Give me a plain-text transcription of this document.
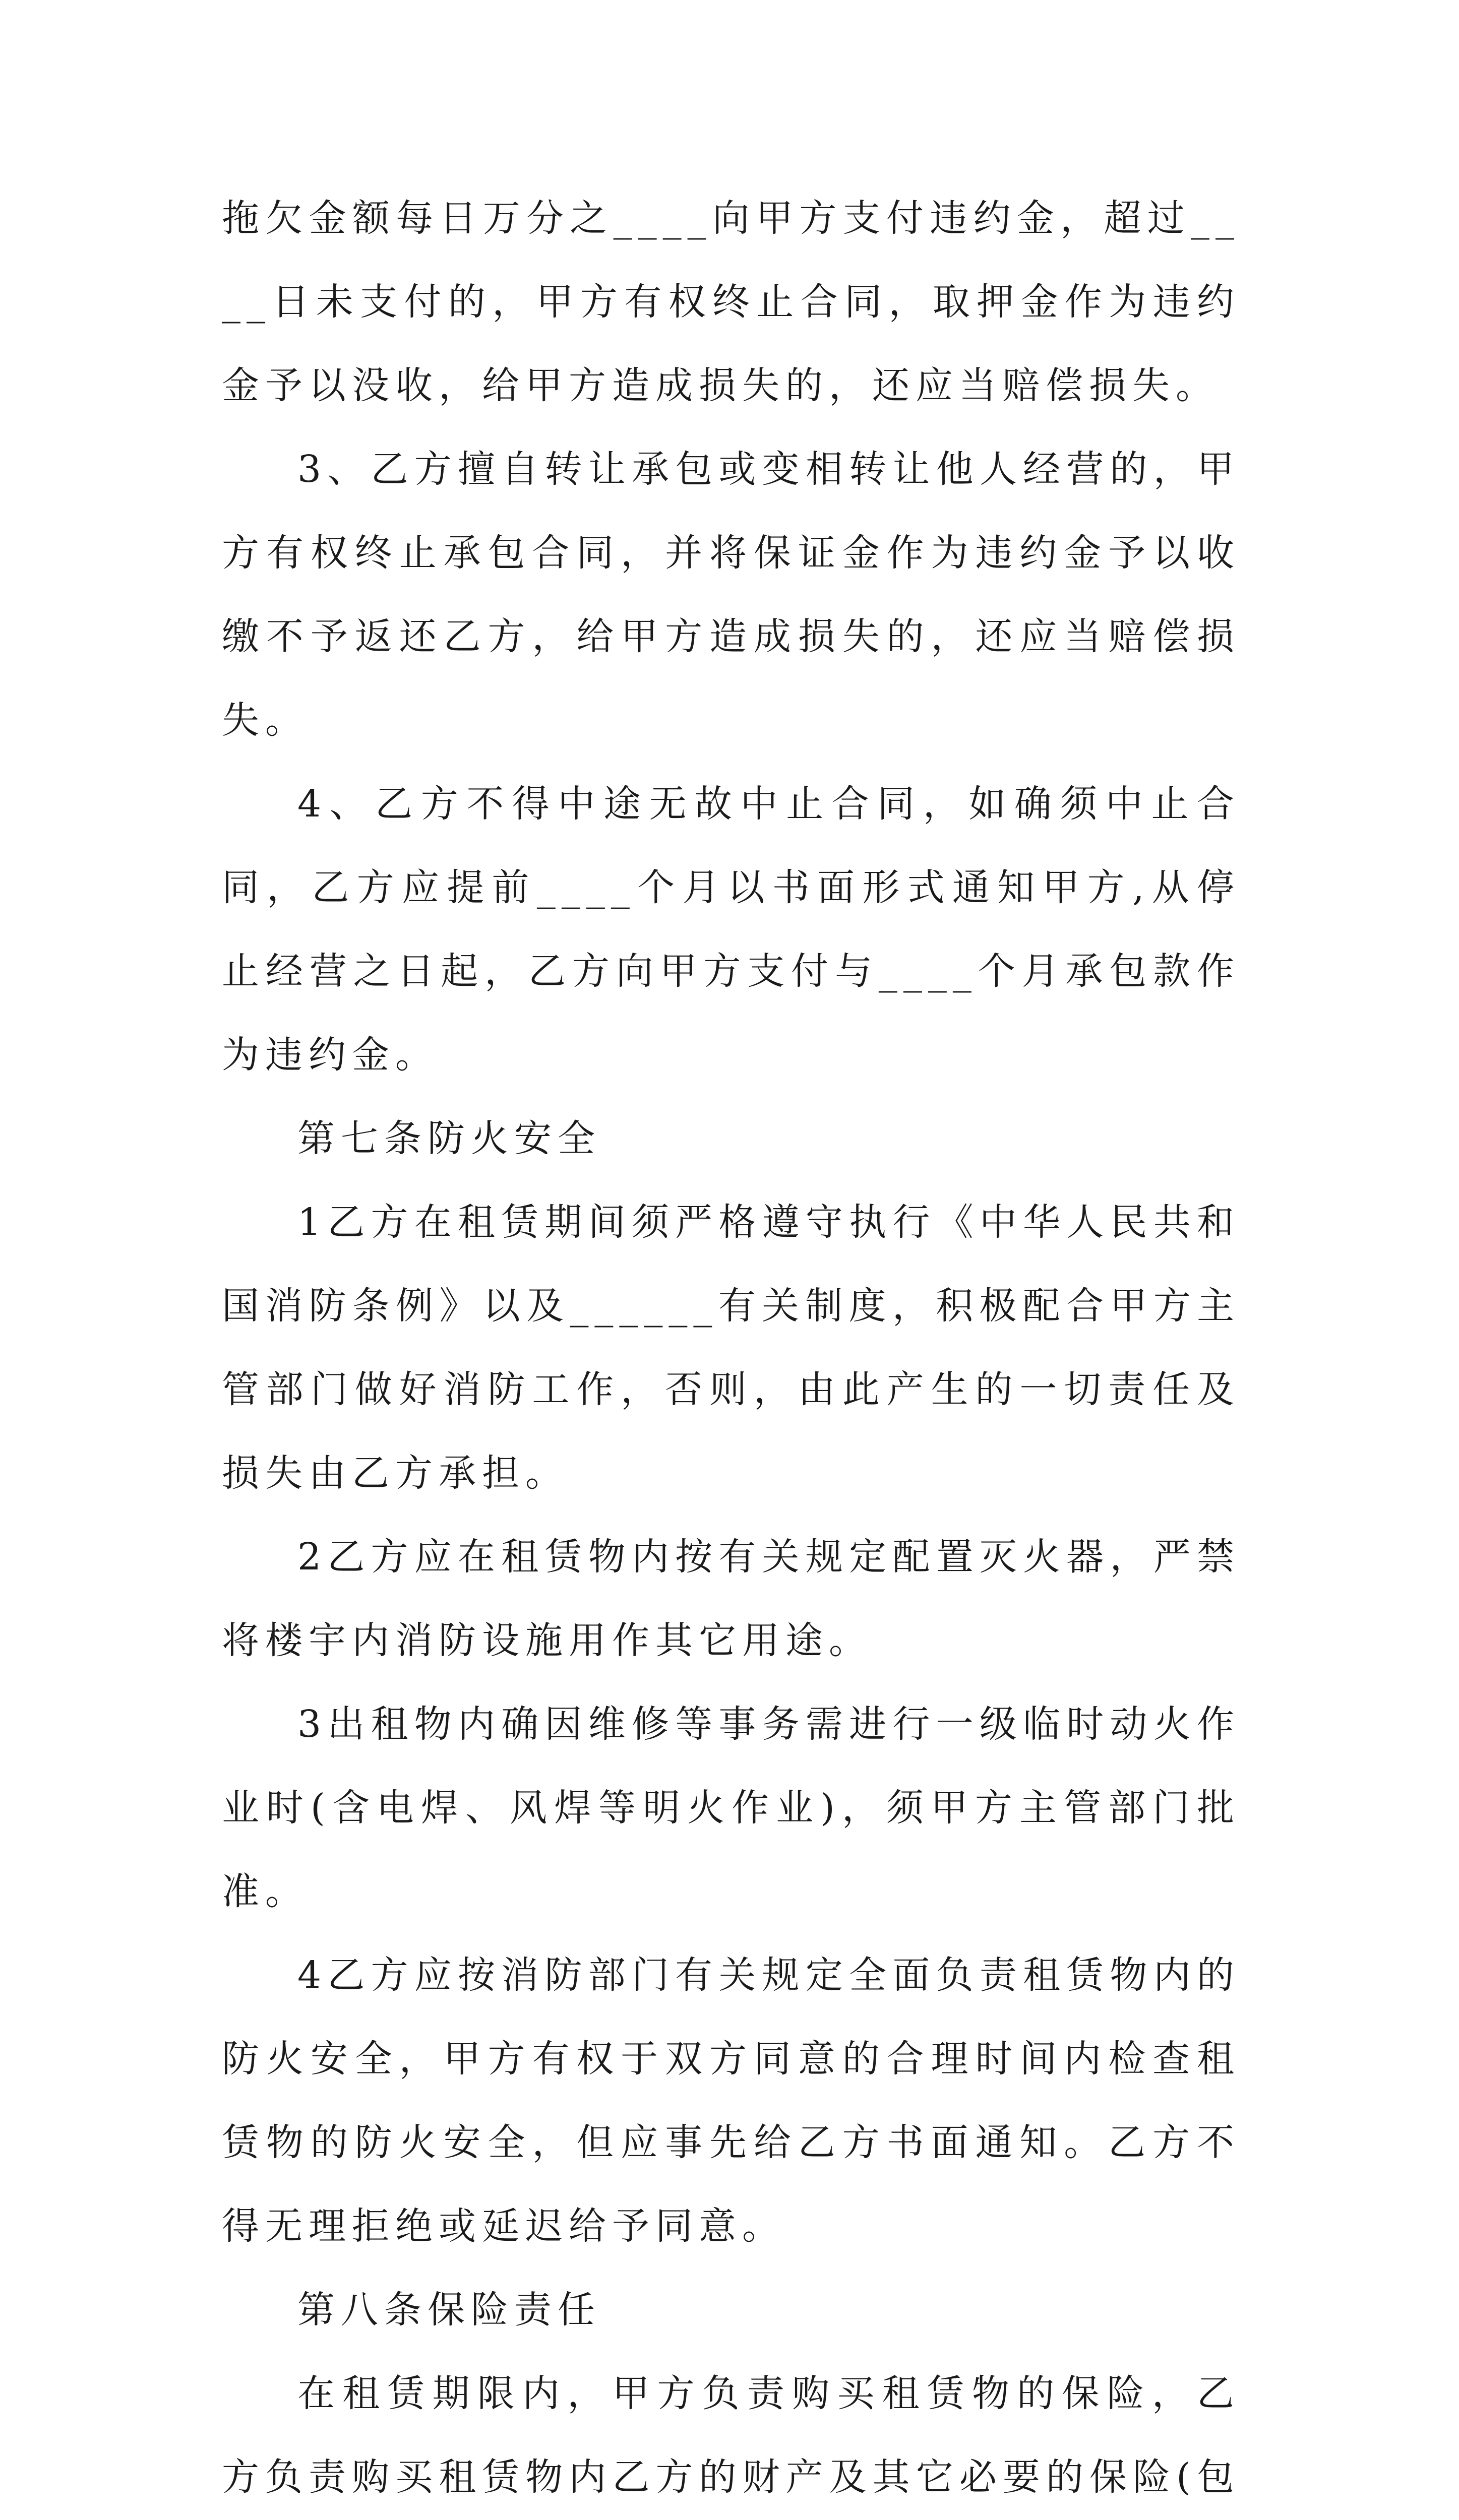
拖欠金额每日万分之____向甲方支付违约金，超过____日未支付的，甲方有权终止合同，取押金作为违约金予以没收，给甲方造成损失的，还应当赔偿损失。

3、乙方擅自转让承包或变相转让他人经营的，甲方有权终止承包合同，并将保证金作为违约金予以收缴不予返还乙方，给甲方造成损失的，还应当赔偿损失。

4、乙方不得中途无故中止合同，如确须中止合同，乙方应提前____个月以书面形式通知甲方,从停止经营之日起，乙方向甲方支付与____个月承包款作为违约金。

第七条防火安全

1乙方在租赁期间须严格遵守执行《中华人民共和国消防条例》以及______有关制度，积极配合甲方主管部门做好消防工作，否则，由此产生的一切责任及损失由乙方承担。

2乙方应在租赁物内按有关规定配置灭火器，严禁将楼宇内消防设施用作其它用途。

3出租物内确因维修等事务需进行一级临时动火作业时(含电焊、风焊等明火作业)，须甲方主管部门批准。

4乙方应按消防部门有关规定全面负责租赁物内的防火安全，甲方有权于双方同意的合理时间内检查租赁物的防火安全，但应事先给乙方书面通知。乙方不得无理拒绝或延迟给予同意。

第八条保险责任

在租赁期限内，甲方负责购买租赁物的保险，乙方负责购买租赁物内乙方的财产及其它必要的保险(包
